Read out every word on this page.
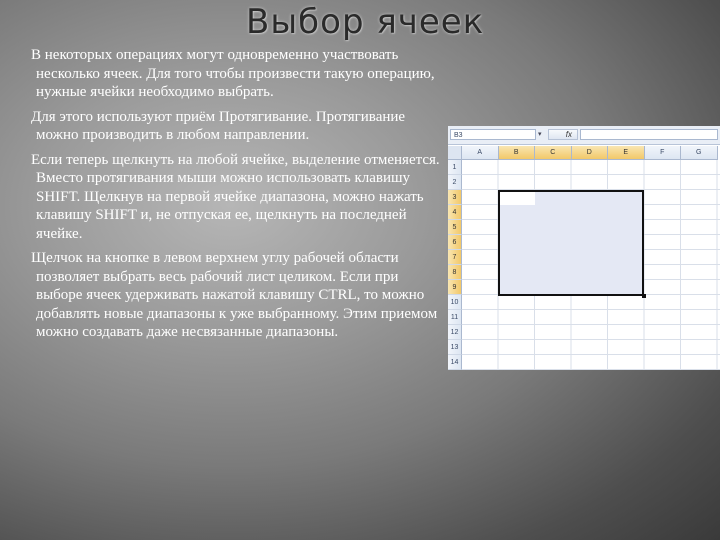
Выбор ячеек

В некоторых операциях могут одновременно участвовать несколько ячеек. Для того чтобы произвести такую операцию, нужные ячейки необходимо выбрать.

Для этого используют приём Протягивание. Протягивание можно производить в любом направлении.

Если теперь щелкнуть на любой ячейке, выделение отменяется. Вместо протягивания мыши можно использовать клавишу SHIFT. Щелкнув на первой ячейке диапазона, можно нажать клавишу SHIFT и, не отпуская ее, щелкнуть на последней ячейке.

Щелчок на кнопке в левом верхнем углу рабочей области позволяет выбрать весь рабочий лист целиком. Если при выборе ячеек удерживать нажатой клавишу CTRL, то можно добавлять новые диапазоны к уже выбранному. Этим приемом можно создавать даже несвязанные диапазоны.

B3	▾	fx
A	B	C	D	E	F	G
1
2
3
4
5
6
7
8
9
10
11
12
13
14
